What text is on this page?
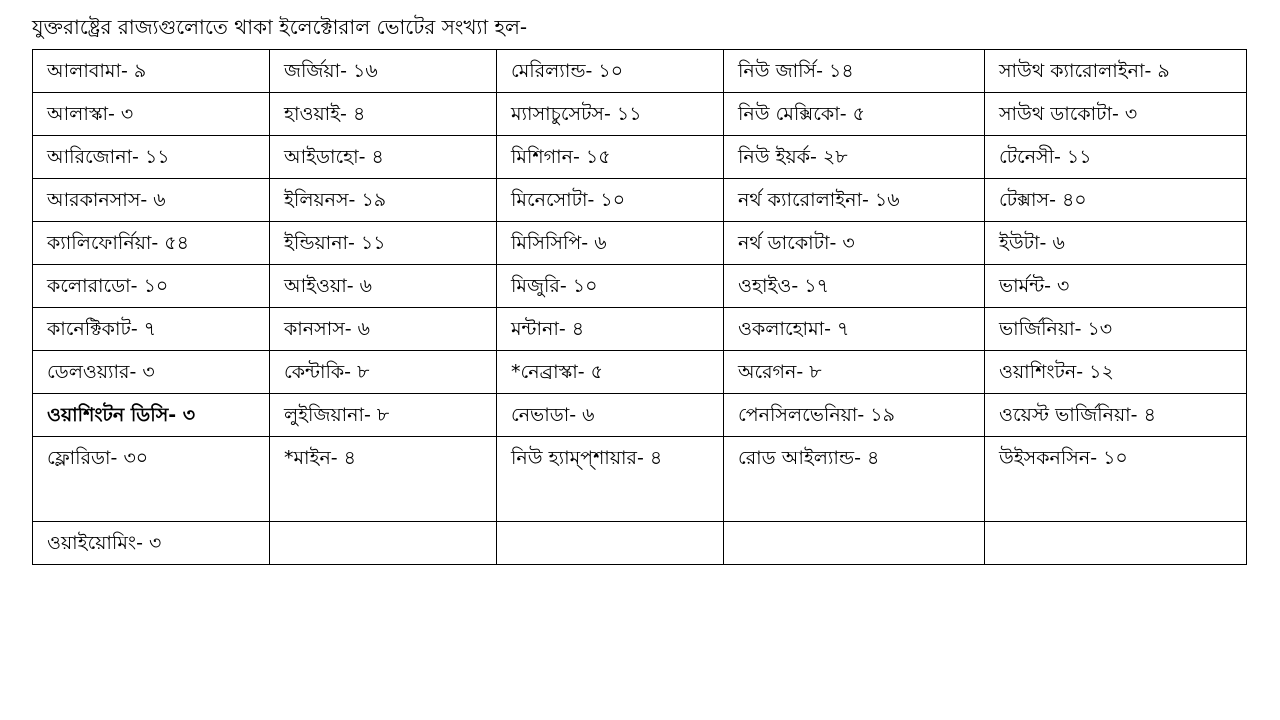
যুক্তরাষ্ট্রের রাজ্যগুলোতে থাকা ইলেক্টোরাল ভোটের সংখ্যা হল-
আলাবামা- ৯	জর্জিয়া- ১৬	মেরিল্যান্ড- ১০	নিউ জার্সি- ১৪	সাউথ ক্যারোলাইনা- ৯
আলাস্কা- ৩	হাওয়াই- ৪	ম্যাসাচুসেটস- ১১	নিউ মেক্সিকো- ৫	সাউথ ডাকোটা- ৩
আরিজোনা- ১১	আইডাহো- ৪	মিশিগান- ১৫	নিউ ইয়র্ক- ২৮	টেনেসী- ১১
আরকানসাস- ৬	ইলিয়নস- ১৯	মিনেসোটা- ১০	নর্থ ক্যারোলাইনা- ১৬	টেক্সাস- ৪০
ক্যালিফোর্নিয়া- ৫৪	ইন্ডিয়ানা- ১১	মিসিসিপি- ৬	নর্থ ডাকোটা- ৩	ইউটা- ৬
কলোরাডো- ১০	আইওয়া- ৬	মিজুরি- ১০	ওহাইও- ১৭	ভার্মন্ট- ৩
কানেক্টিকাট- ৭	কানসাস- ৬	মন্টানা- ৪	ওকলাহোমা- ৭	ভার্জিনিয়া- ১৩
ডেলওয়্যার- ৩	কেন্টাকি- ৮	*নেব্রাস্কা- ৫	অরেগন- ৮	ওয়াশিংটন- ১২
ওয়াশিংটন ডিসি- ৩	লুইজিয়ানা- ৮	নেভাডা- ৬	পেনসিলভেনিয়া- ১৯	ওয়েস্ট ভার্জিনিয়া- ৪
ফ্লোরিডা- ৩০	*মাইন- ৪	নিউ হ্যাম্প্শায়ার- ৪	রোড আইল্যান্ড- ৪	উইসকনসিন- ১০
ওয়াইয়োমিং- ৩				
